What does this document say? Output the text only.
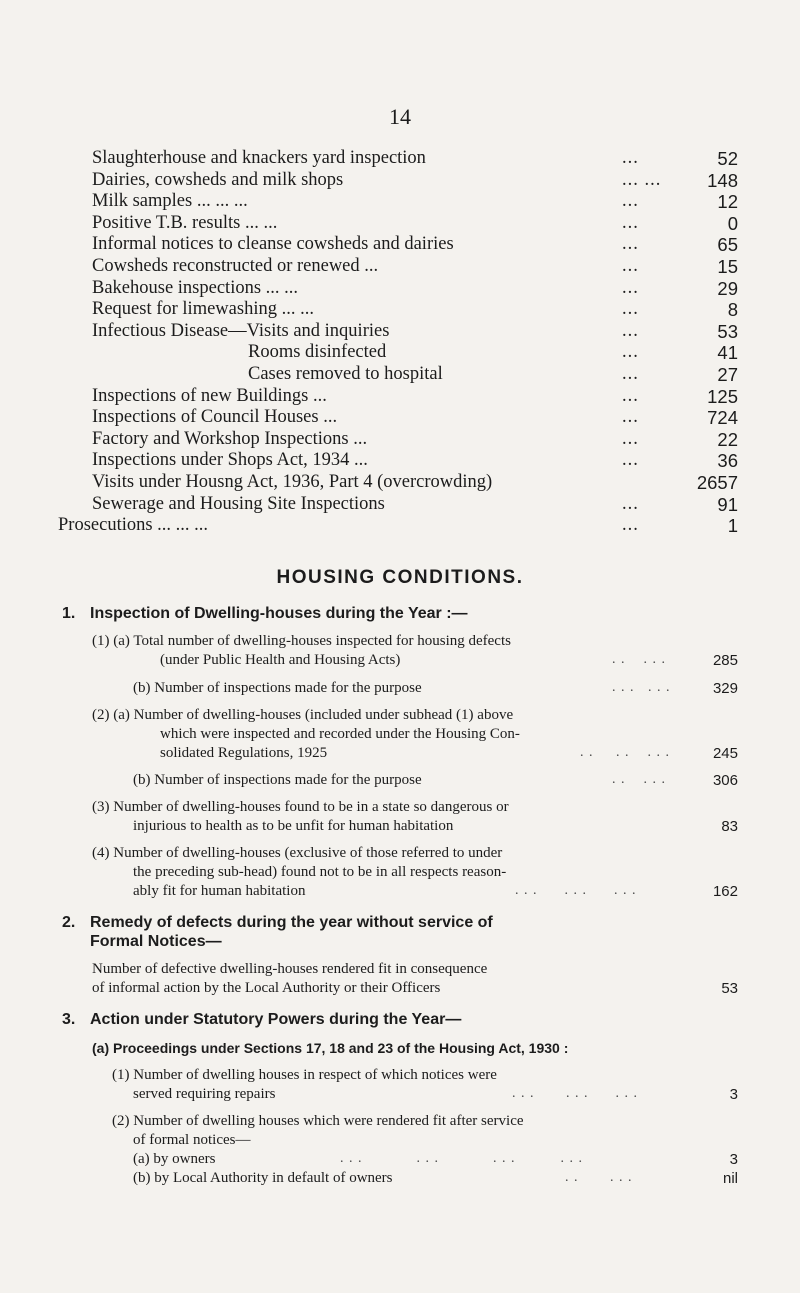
14
Slaughterhouse and knackers yard inspection	...	52
Dairies, cowsheds and milk shops	... ... 148
Milk samples ... ... ...	...	12
Positive T.B. results ... ...	...	0
Informal notices to cleanse cowsheds and dairies	...	65
Cowsheds reconstructed or renewed ...	...	15
Bakehouse inspections ... ...	...	29
Request for limewashing ... ...	...	8
Infectious Disease—Visits and inquiries	...	53
Rooms disinfected	...	41
Cases removed to hospital	...	27
Inspections of new Buildings ...	...	125
Inspections of Council Houses ...	...	724
Factory and Workshop Inspections ...	...	22
Inspections under Shops Act, 1934 ...	...	36
Visits under Housng Act, 1936, Part 4 (overcrowding)	2657
Sewerage and Housing Site Inspections	...	91
Prosecutions ... ... ...	...	1
HOUSING CONDITIONS.
1. Inspection of Dwelling-houses during the Year :—
(1) (a) Total number of dwelling-houses inspected for housing defects
(under Public Health and Housing Acts)	. .    . . .	285
(b) Number of inspections made for the purpose	. . .   . . .	329
(2) (a) Number of dwelling-houses (included under subhead (1) above
which were inspected and recorded under the Housing Con-
solidated Regulations, 1925	. .     . .    . . .	245
(b) Number of inspections made for the purpose	. .    . . .	306
(3) Number of dwelling-houses found to be in a state so dangerous or
injurious to health as to be unfit for human habitation	83
(4) Number of dwelling-houses (exclusive of those referred to under
the preceding sub-head) found not to be in all respects reason-
ably fit for human habitation	. . .      . . .      . . .	162
2. Remedy of defects during the year without service of
Formal Notices—
Number of defective dwelling-houses rendered fit in consequence
of informal action by the Local Authority or their Officers	53
3. Action under Statutory Powers during the Year—
(a) Proceedings under Sections 17, 18 and 23 of the Housing Act, 1930 :
(1) Number of dwelling houses in respect of which notices were
served requiring repairs	. . .       . . .      . . .	3
(2) Number of dwelling houses which were rendered fit after service
of formal notices—
(a) by owners	. . .            . . .            . . .          . . .	3
(b) by Local Authority in default of owners	. .       . . .	nil
